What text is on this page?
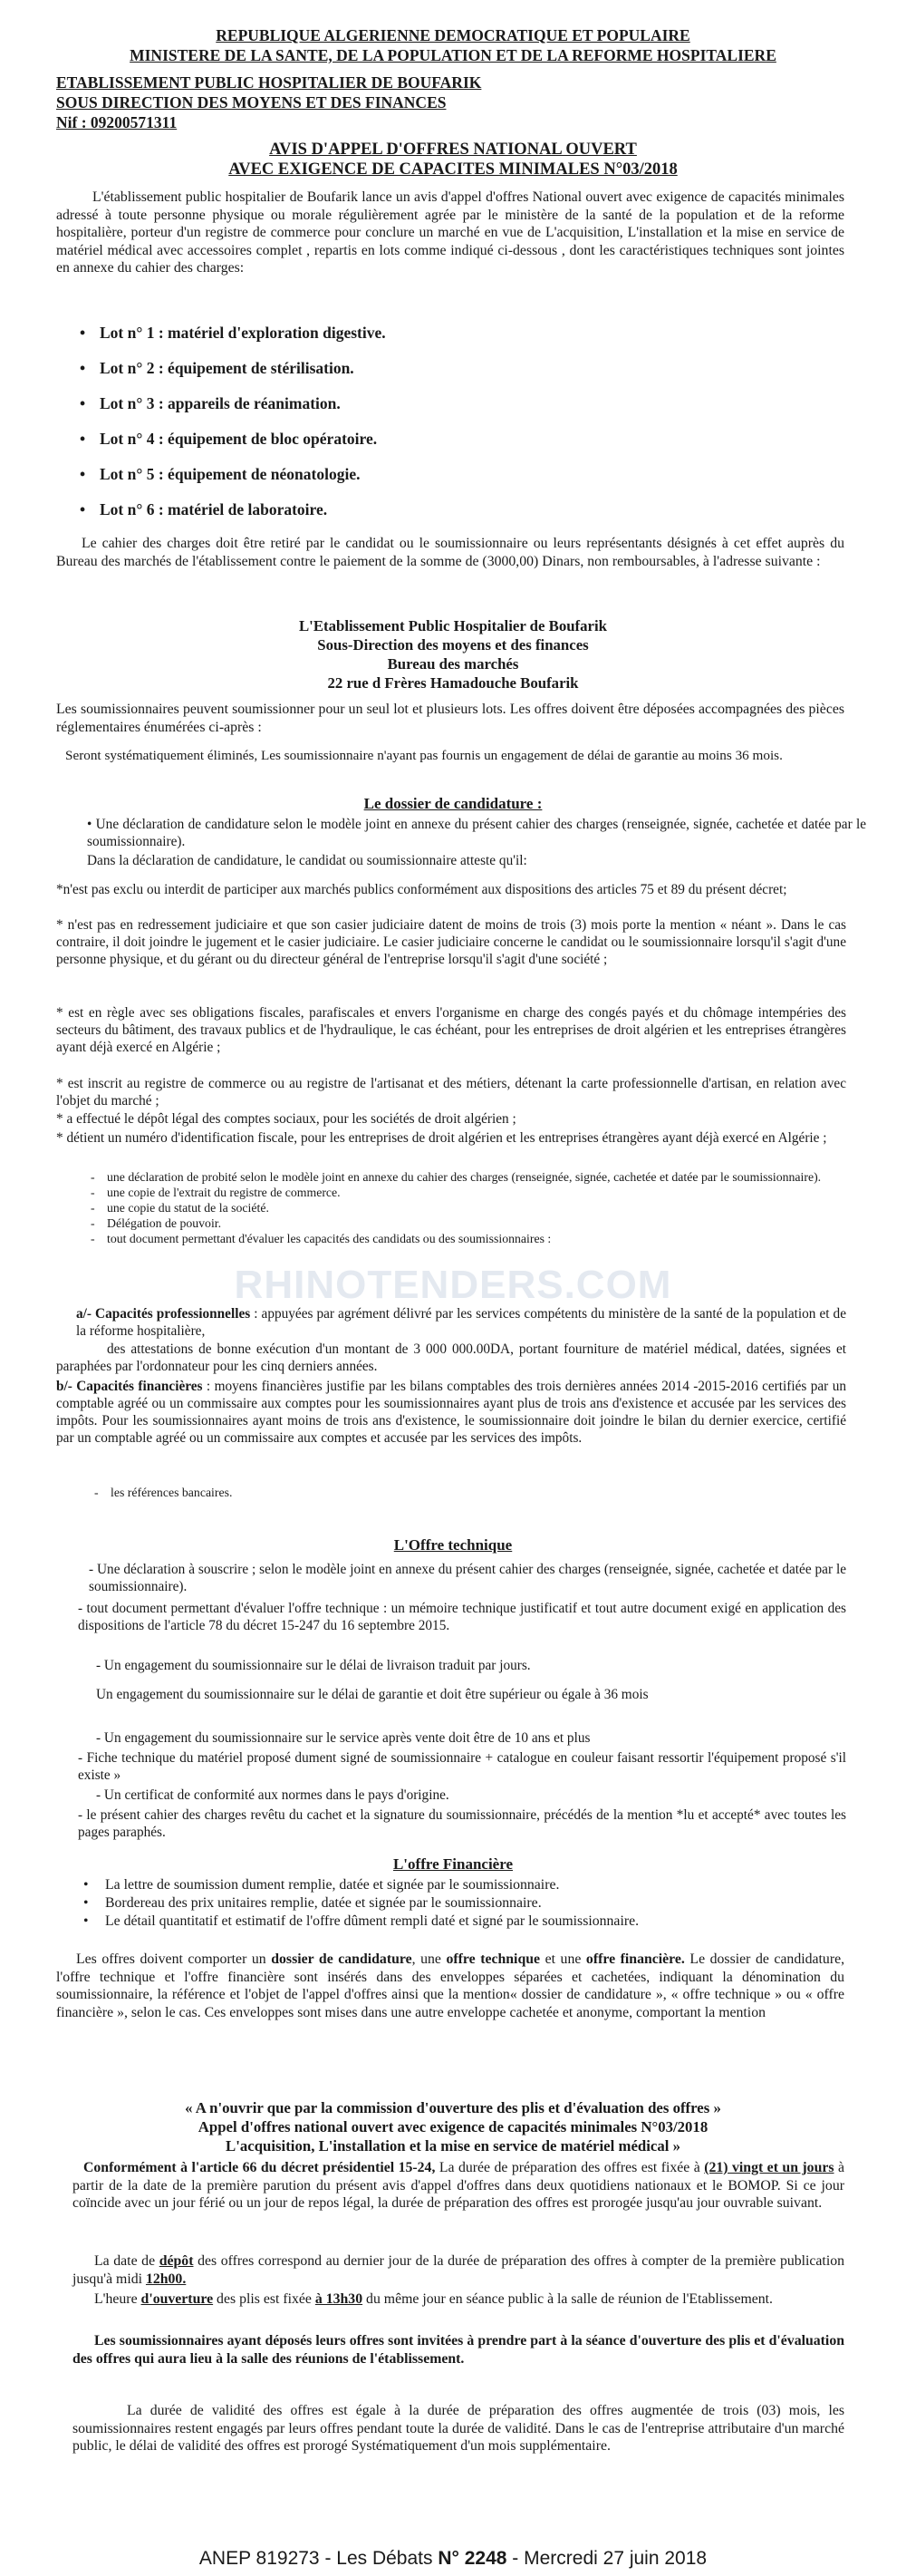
REPUBLIQUE ALGERIENNE DEMOCRATIQUE ET POPULAIRE
MINISTERE DE LA SANTE, DE LA POPULATION ET DE LA REFORME HOSPITALIERE
ETABLISSEMENT PUBLIC HOSPITALIER DE BOUFARIK
SOUS DIRECTION DES MOYENS ET DES FINANCES
Nif : 09200571311
AVIS D'APPEL D'OFFRES NATIONAL OUVERT
AVEC EXIGENCE DE CAPACITES MINIMALES N°03/2018

L'établissement public hospitalier de Boufarik lance un avis d'appel d'offres National ouvert avec exigence de capacités minimales adressé à toute personne physique ou morale régulièrement agrée par le ministère de la santé de la population et de la reforme hospitalière, porteur d'un registre de commerce pour conclure un marché en vue de L'acquisition, L'installation et la mise en service de matériel médical avec accessoires complet , repartis en lots comme indiqué ci-dessous , dont les caractéristiques techniques sont jointes en annexe du cahier des charges:

• Lot n° 1 : matériel d'exploration digestive.
• Lot n° 2 : équipement de stérilisation.
• Lot n° 3 : appareils de réanimation.
• Lot n° 4 : équipement de bloc opératoire.
• Lot n° 5 : équipement de néonatologie.
• Lot n° 6 : matériel de laboratoire.

Le cahier des charges doit être retiré par le candidat ou le soumissionnaire ou leurs représentants désignés à cet effet auprès du Bureau des marchés de l'établissement contre le paiement de la somme de (3000,00) Dinars, non remboursables, à l'adresse suivante :

L'Etablissement Public Hospitalier de Boufarik
Sous-Direction des moyens et des finances
Bureau des marchés
22 rue d Frères Hamadouche Boufarik

Les soumissionnaires peuvent soumissionner pour un seul lot et plusieurs lots. Les offres doivent être déposées accompagnées des pièces réglementaires énumérées ci-après :

Seront systématiquement éliminés, Les soumissionnaire n'ayant pas fournis un engagement de délai de garantie au moins 36 mois.

Le dossier de candidature :

• Une déclaration de candidature selon le modèle joint en annexe du présent cahier des charges (renseignée, signée, cachetée et datée par le soumissionnaire).

Dans la déclaration de candidature, le candidat ou soumissionnaire atteste qu'il:

*n'est pas exclu ou interdit de participer aux marchés publics conformément aux dispositions des articles 75 et 89 du présent décret;

* n'est pas en redressement judiciaire et que son casier judiciaire datent de moins de trois (3) mois porte la mention « néant ». Dans le cas contraire, il doit joindre le jugement et le casier judiciaire. Le casier judiciaire concerne le candidat ou le soumissionnaire lorsqu'il s'agit d'une personne physique, et du gérant ou du directeur général de l'entreprise lorsqu'il s'agit d'une société ;

* est en règle avec ses obligations fiscales, parafiscales et envers l'organisme en charge des congés payés et du chômage intempéries des secteurs du bâtiment, des travaux publics et de l'hydraulique, le cas échéant, pour les entreprises de droit algérien et les entreprises étrangères ayant déjà exercé en Algérie ;

* est inscrit au registre de commerce ou au registre de l'artisanat et des métiers, détenant la carte professionnelle d'artisan, en relation avec l'objet du marché ;

* a effectué le dépôt légal des comptes sociaux, pour les sociétés de droit algérien ;

* détient un numéro d'identification fiscale, pour les entreprises de droit algérien et les entreprises étrangères ayant déjà exercé en Algérie ;

- une déclaration de probité selon le modèle joint en annexe du cahier des charges (renseignée, signée, cachetée et datée par le soumissionnaire).
- une copie de l'extrait du registre de commerce.
- une copie du statut de la société.
- Délégation de pouvoir.
- tout document permettant d'évaluer les capacités des candidats ou des soumissionnaires :
RHINOTENDERS.COM

a/- Capacités professionnelles : appuyées par agrément délivré par les services compétents du ministère de la santé de la population et de la réforme hospitalière,

des attestations de bonne exécution d'un montant de 3 000 000.00DA, portant fourniture de matériel médical, datées, signées et paraphées par l'ordonnateur pour les cinq derniers années.

b/- Capacités financières : moyens financières justifie par les bilans comptables des trois dernières années 2014 -2015-2016 certifiés par un comptable agréé ou un commissaire aux comptes pour les soumissionnaires ayant plus de trois ans d'existence et accusée par les services des impôts. Pour les soumissionnaires ayant moins de trois ans d'existence, le soumissionnaire doit joindre le bilan du dernier exercice, certifié par un comptable agréé ou un commissaire aux comptes et accusée par les services des impôts.

- les références bancaires.
L'Offre technique

- Une déclaration à souscrire ; selon le modèle joint en annexe du présent cahier des charges (renseignée, signée, cachetée et datée par le soumissionnaire).

- tout document permettant d'évaluer l'offre technique : un mémoire technique justificatif et tout autre document exigé en application des dispositions de l'article 78 du décret 15-247 du 16 septembre 2015.

- Un engagement du soumissionnaire sur le délai de livraison traduit par jours.

Un engagement du soumissionnaire sur le délai de garantie et doit être supérieur ou égale à 36 mois

- Un engagement du soumissionnaire sur le service après vente doit être de 10 ans et plus

- Fiche technique du matériel proposé dument signé de soumissionnaire + catalogue en couleur faisant ressortir l'équipement proposé s'il existe »

- Un certificat de conformité aux normes dans le pays d'origine.

- le présent cahier des charges revêtu du cachet et la signature du soumissionnaire, précédés de la mention *lu et accepté* avec toutes les pages paraphés.

L'offre Financière
• La lettre de soumission dument remplie, datée et signée par le soumissionnaire.
• Bordereau des prix unitaires remplie, datée et signée par le soumissionnaire.
• Le détail quantitatif et estimatif de l'offre dûment rempli daté et signé par le soumissionnaire.

Les offres doivent comporter un dossier de candidature, une offre technique et une offre financière. Le dossier de candidature, l'offre technique et l'offre financière sont insérés dans des enveloppes séparées et cachetées, indiquant la dénomination du soumissionnaire, la référence et l'objet de l'appel d'offres ainsi que la mention« dossier de candidature », « offre technique » ou « offre financière », selon le cas. Ces enveloppes sont mises dans une autre enveloppe cachetée et anonyme, comportant la mention

« A n'ouvrir que par la commission d'ouverture des plis et d'évaluation des offres »
Appel d'offres national ouvert avec exigence de capacités minimales N°03/2018
L'acquisition, L'installation et la mise en service de matériel médical »

Conformément à l'article 66 du décret présidentiel 15-24, La durée de préparation des offres est fixée à (21) vingt et un jours à partir de la date de la première parution du présent avis d'appel d'offres dans deux quotidiens nationaux et le BOMOP. Si ce jour coïncide avec un jour férié ou un jour de repos légal, la durée de préparation des offres est prorogée jusqu'au jour ouvrable suivant.

La date de dépôt des offres correspond au dernier jour de la durée de préparation des offres à compter de la première publication jusqu'à midi 12h00.

L'heure d'ouverture des plis est fixée à 13h30 du même jour en séance public à la salle de réunion de l'Etablissement.

Les soumissionnaires ayant déposés leurs offres sont invitées à prendre part à la séance d'ouverture des plis et d'évaluation des offres qui aura lieu à la salle des réunions de l'établissement.

La durée de validité des offres est égale à la durée de préparation des offres augmentée de trois (03) mois, les soumissionnaires restent engagés par leurs offres pendant toute la durée de validité. Dans le cas de l'entreprise attributaire d'un marché public, le délai de validité des offres est prorogé Systématiquement d'un mois supplémentaire.

ANEP 819273 - Les Débats N° 2248 - Mercredi 27 juin 2018
